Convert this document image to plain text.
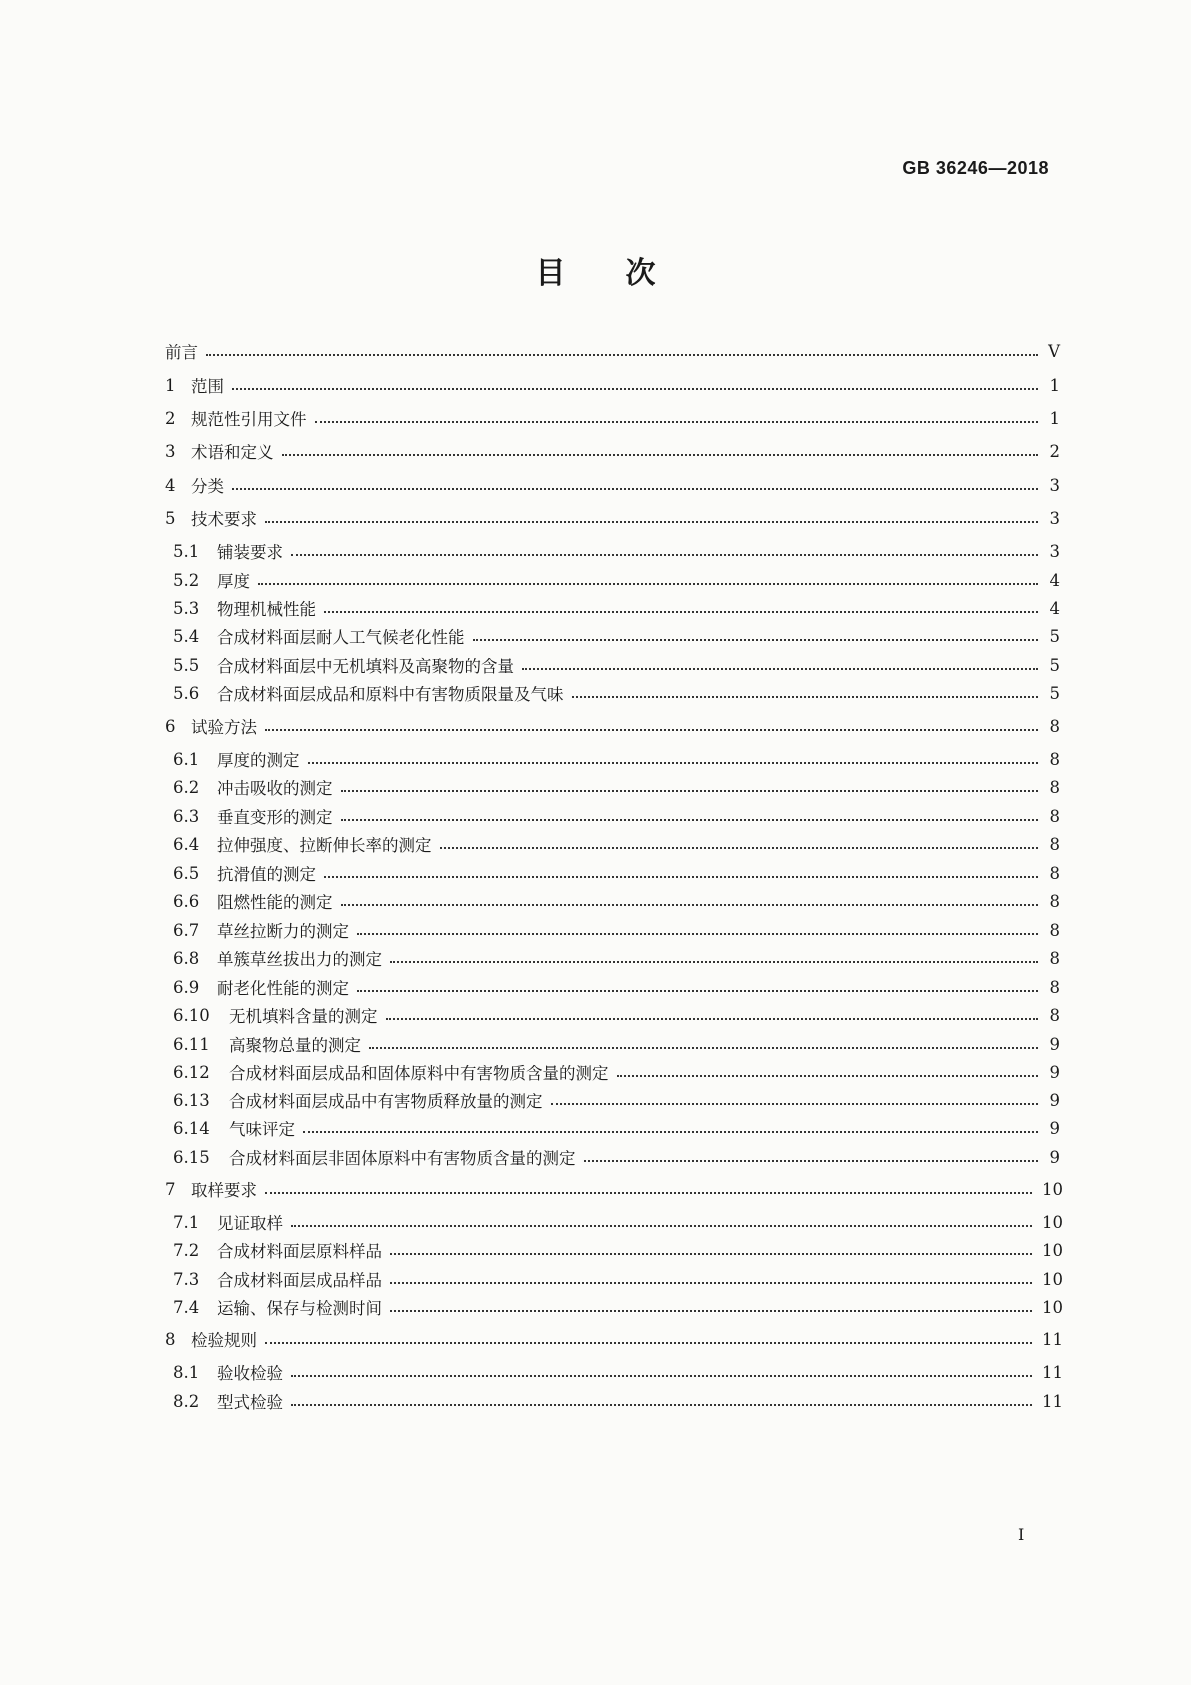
GB 36246—2018
目 次
前言	V
1 范围	1
2 规范性引用文件	1
3 术语和定义	2
4 分类	3
5 技术要求	3
5.1	铺装要求	3
5.2	厚度	4
5.3	物理机械性能	4
5.4	合成材料面层耐人工气候老化性能	5
5.5	合成材料面层中无机填料及高聚物的含量	5
5.6	合成材料面层成品和原料中有害物质限量及气味	5
6 试验方法	8
6.1	厚度的测定	8
6.2	冲击吸收的测定	8
6.3	垂直变形的测定	8
6.4	拉伸强度、拉断伸长率的测定	8
6.5	抗滑值的测定	8
6.6	阻燃性能的测定	8
6.7	草丝拉断力的测定	8
6.8	单簇草丝拔出力的测定	8
6.9	耐老化性能的测定	8
6.10	无机填料含量的测定	8
6.11	高聚物总量的测定	9
6.12	合成材料面层成品和固体原料中有害物质含量的测定	9
6.13	合成材料面层成品中有害物质释放量的测定	9
6.14	气味评定	9
6.15	合成材料面层非固体原料中有害物质含量的测定	9
7 取样要求	10
7.1	见证取样	10
7.2	合成材料面层原料样品	10
7.3	合成材料面层成品样品	10
7.4	运输、保存与检测时间	10
8 检验规则	11
8.1	验收检验	11
8.2	型式检验	11
I
